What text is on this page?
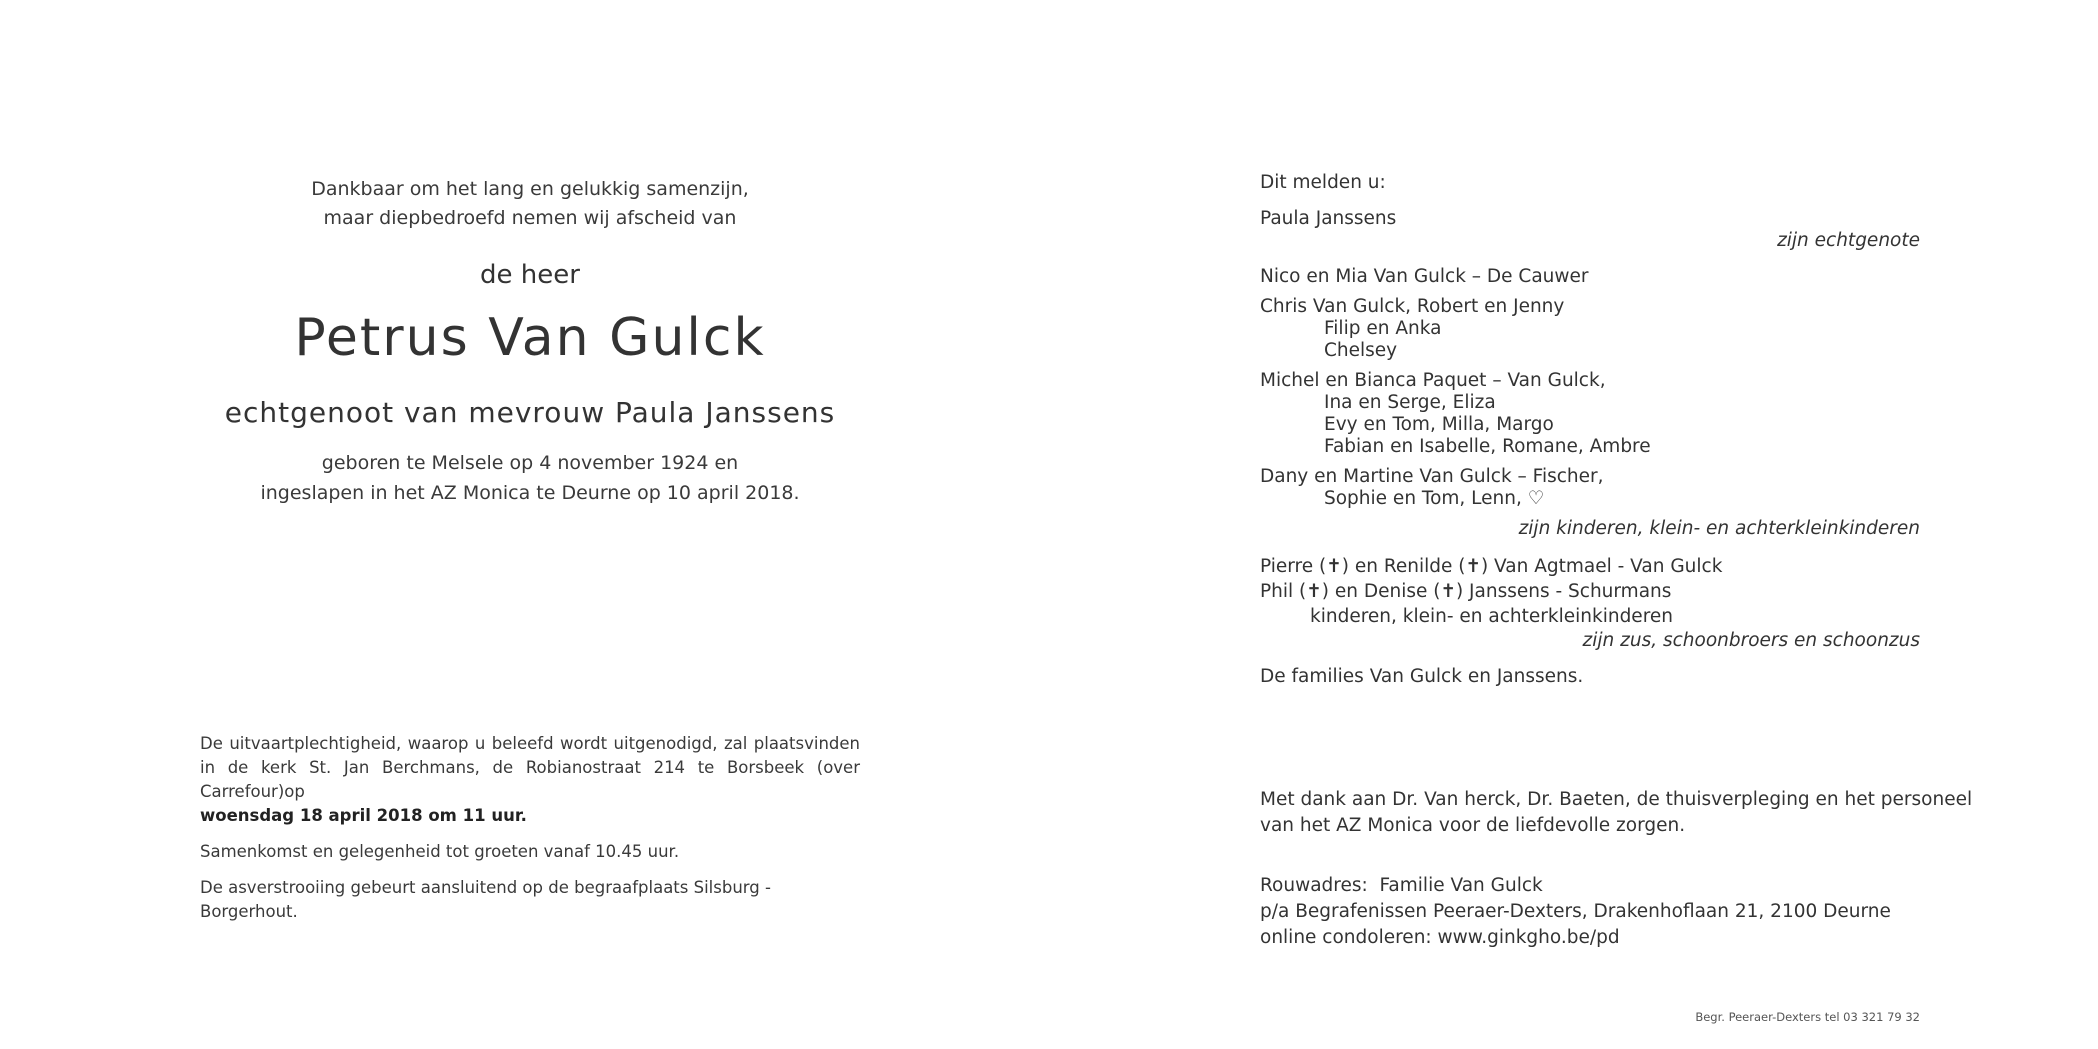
Dankbaar om het lang en gelukkig samenzijn,
maar diepbedroefd nemen wij afscheid van
de heer
Petrus Van Gulck
echtgenoot van mevrouw Paula Janssens
geboren te Melsele op 4 november 1924 en
ingeslapen in het AZ Monica te Deurne op 10 april 2018.
De uitvaartplechtigheid, waarop u beleefd wordt uitgenodigd, zal plaatsvinden in de kerk St. Jan Berchmans, de Robianostraat 214 te Borsbeek (over Carrefour)op
woensdag 18 april 2018 om 11 uur.
Samenkomst en gelegenheid tot groeten vanaf 10.45 uur.
De asverstrooiing gebeurt aansluitend op de begraafplaats Silsburg - Borgerhout.
Dit melden u:
Paula Janssens
zijn echtgenote
Nico en Mia Van Gulck – De Cauwer
Chris Van Gulck, Robert en Jenny
Filip en Anka
Chelsey
Michel en Bianca Paquet – Van Gulck,
Ina en Serge, Eliza
Evy en Tom, Milla, Margo
Fabian en Isabelle, Romane, Ambre
Dany en Martine Van Gulck – Fischer,
Sophie en Tom, Lenn, ♡
zijn kinderen, klein- en achterkleinkinderen
Pierre (✝) en Renilde (✝) Van Agtmael - Van Gulck
Phil (✝) en Denise (✝) Janssens - Schurmans
kinderen, klein- en achterkleinkinderen
zijn zus, schoonbroers en schoonzus
De families Van Gulck en Janssens.
Met dank aan Dr. Van herck, Dr. Baeten, de thuisverpleging en het personeel
van het AZ Monica voor de liefdevolle zorgen.
Rouwadres:  Familie Van Gulck
p/a Begrafenissen Peeraer-Dexters, Drakenhoflaan 21, 2100 Deurne
online condoleren: www.ginkgho.be/pd
Begr. Peeraer-Dexters tel 03 321 79 32
